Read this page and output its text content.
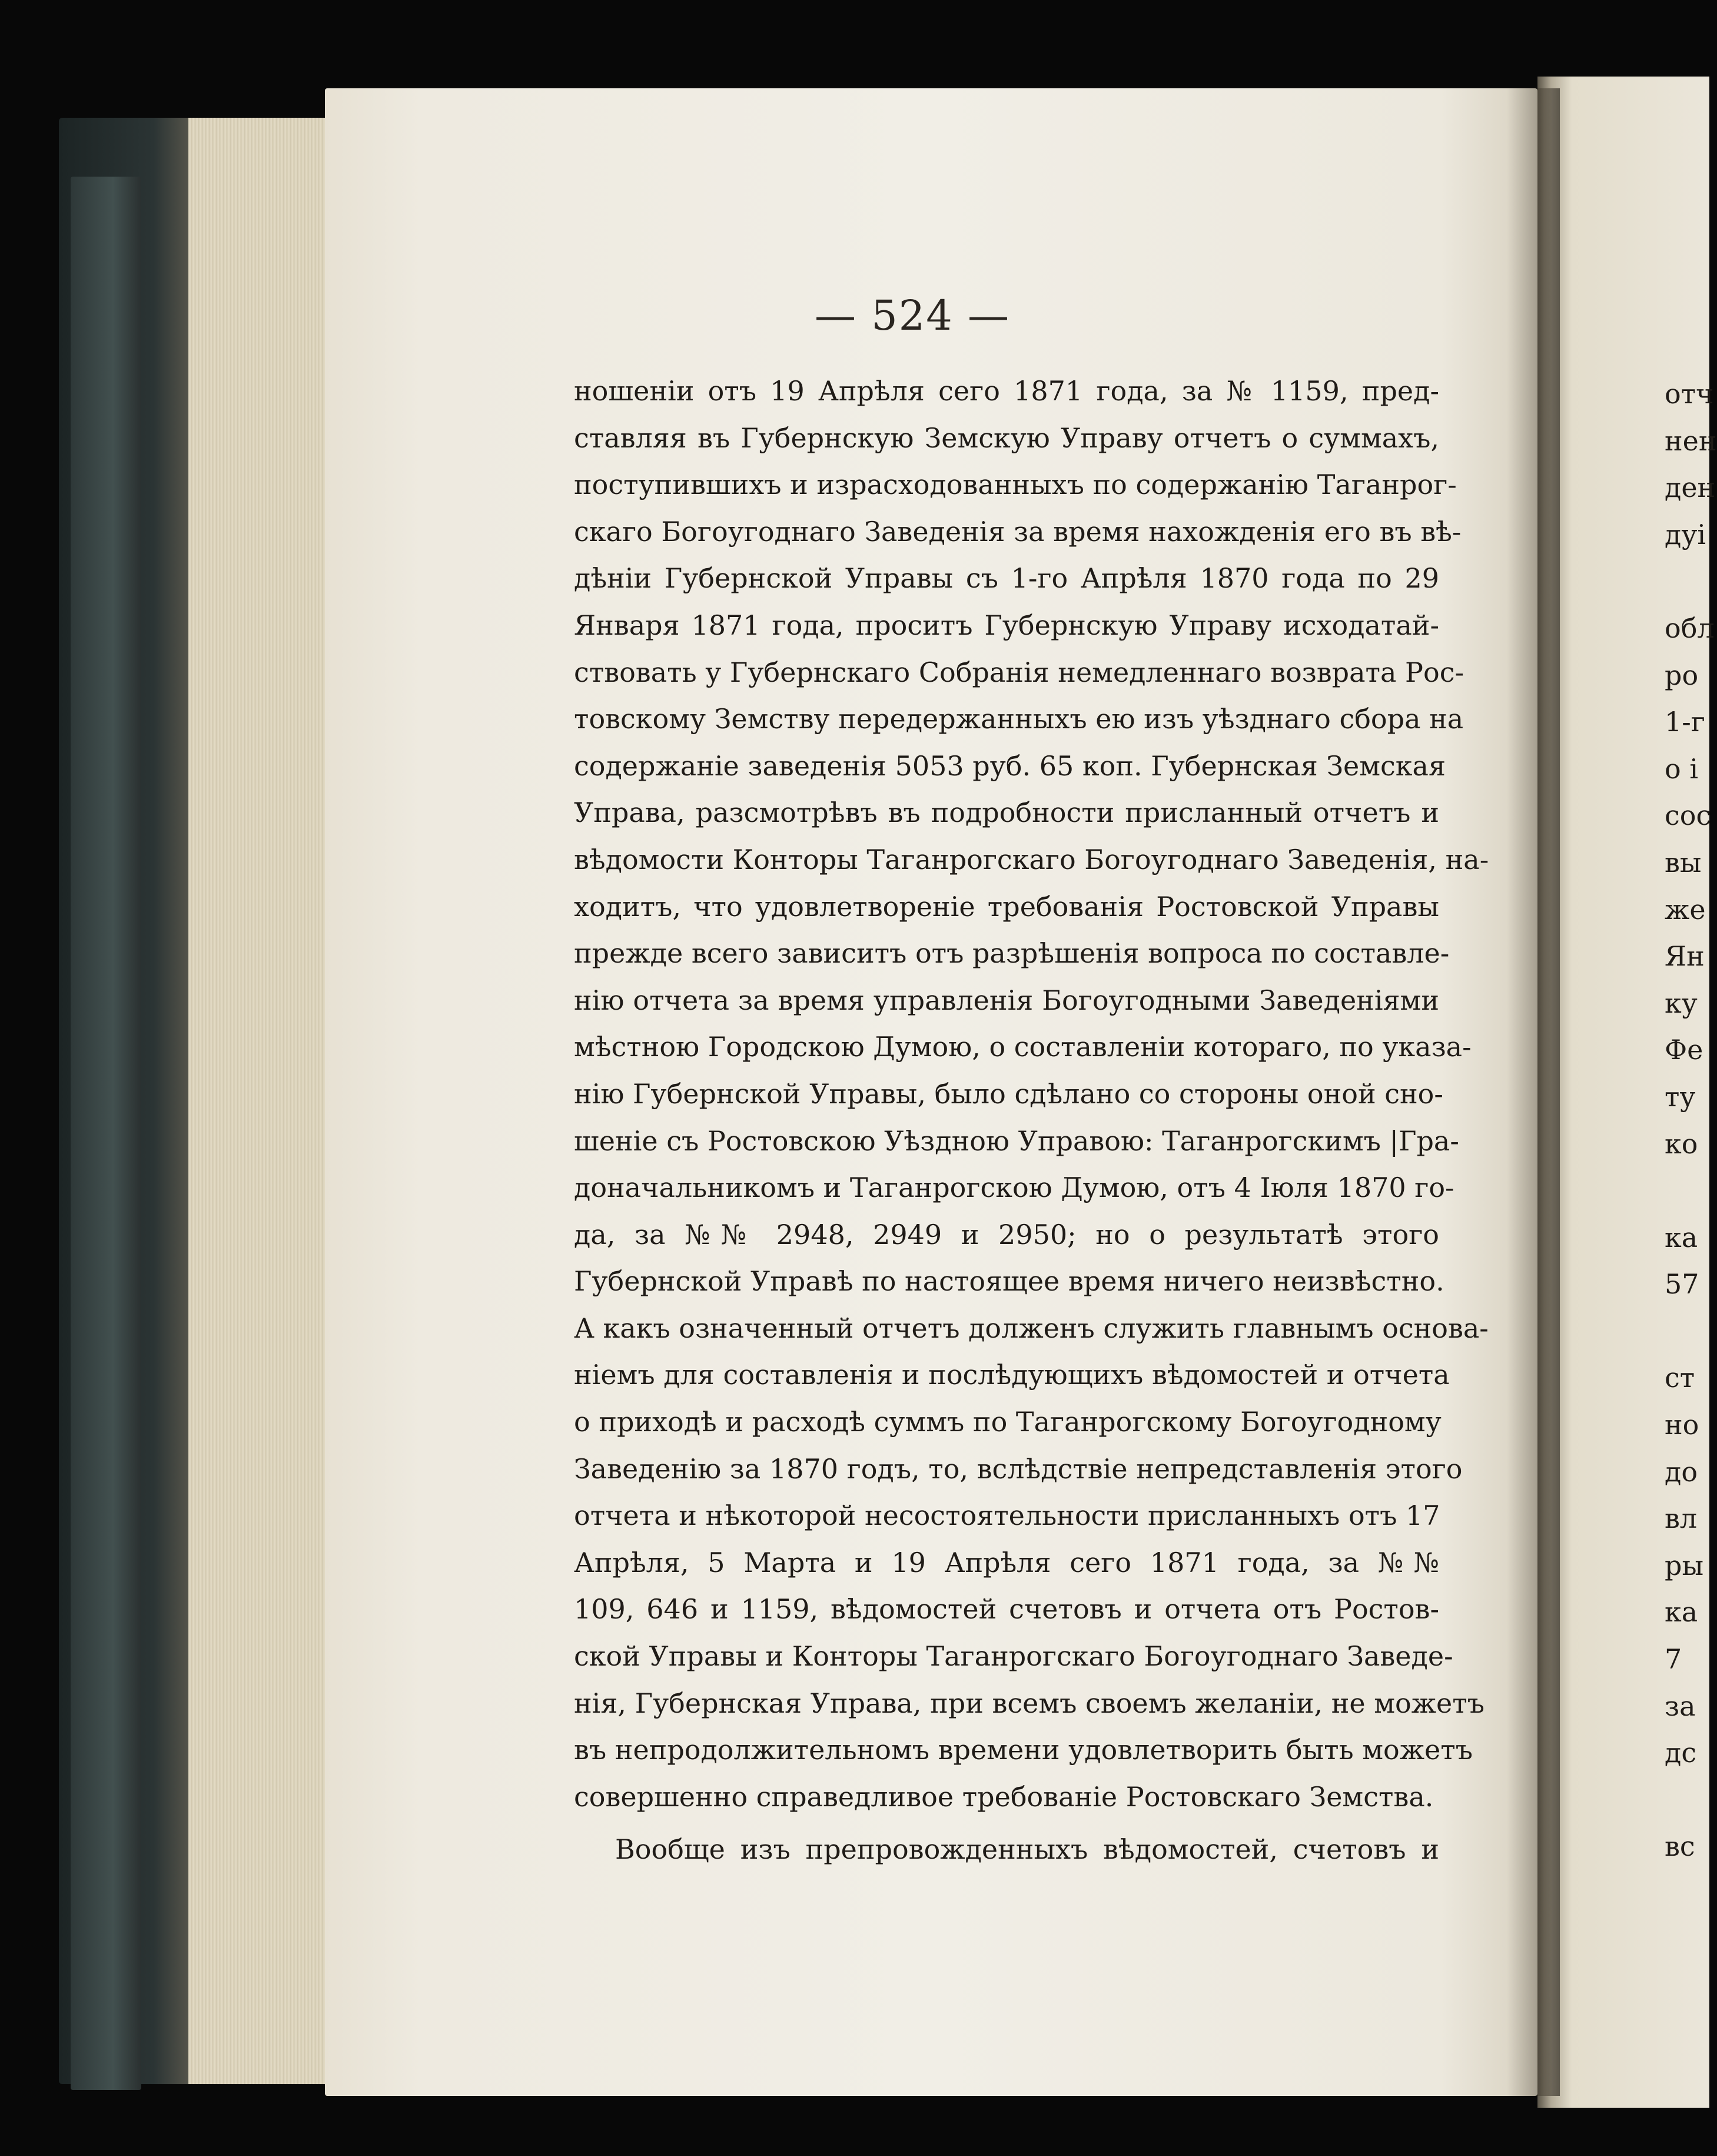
— 524 —
ношеніи отъ 19 Апрѣля сего 1871 года, за № 1159, пред-
ставляя въ Губернскую Земскую Управу отчетъ о суммахъ,
поступившихъ и израсходованныхъ по содержанію Таганрог-
скаго Богоугоднаго Заведенія за время нахожденія его въ вѣ-
дѣніи Губернской Управы съ 1-го Апрѣля 1870 года по 29
Января 1871 года, проситъ Губернскую Управу исходатай-
ствовать у Губернскаго Собранія немедленнаго возврата Рос-
товскому Земству передержанныхъ ею изъ уѣзднаго сбора на
содержаніе заведенія 5053 руб. 65 коп. Губернская Земская
Управа, разсмотрѣвъ въ подробности присланный отчетъ и
вѣдомости Конторы Таганрогскаго Богоугоднаго Заведенія, на-
ходитъ, что удовлетвореніе требованія Ростовской Управы
прежде всего зависитъ отъ разрѣшенія вопроса по составле-
нію отчета за время управленія Богоугодными Заведеніями
мѣстною Городскою Думою, о составленіи котораго, по указа-
нію Губернской Управы, было сдѣлано со стороны оной сно-
шеніе съ Ростовскою Уѣздною Управою: Таганрогскимъ |Гра-
доначальникомъ и Таганрогскою Думою, отъ 4 Іюля 1870 го-
да, за №№ 2948, 2949 и 2950; но о результатѣ этого
Губернской Управѣ по настоящее время ничего неизвѣстно.
А какъ означенный отчетъ долженъ служить главнымъ основа-
ніемъ для составленія и послѣдующихъ вѣдомостей и отчета
о приходѣ и расходѣ суммъ по Таганрогскому Богоугодному
Заведенію за 1870 годъ, то, вслѣдствіе непредставленія этого
отчета и нѣкоторой несостоятельности присланныхъ отъ 17
Апрѣля, 5 Марта и 19 Апрѣля сего 1871 года, за №№
109, 646 и 1159, вѣдомостей счетовъ и отчета отъ Ростов-
ской Управы и Конторы Таганрогскаго Богоугоднаго Заведе-
нія, Губернская Управа, при всемъ своемъ желаніи, не можетъ
въ непродолжительномъ времени удовлетворить быть можетъ
совершенно справедливое требованіе Ростовскаго Земства.
Вообще изъ препровожденныхъ вѣдомостей, счетовъ и
отч
нен
ден
дуі
обл
ро
1-г
о і
сос
вы
же
Ян
ку
Фе
ту
ко
ка
57
ст
но
до
вл
ры
ка
7
за
дс
вс
